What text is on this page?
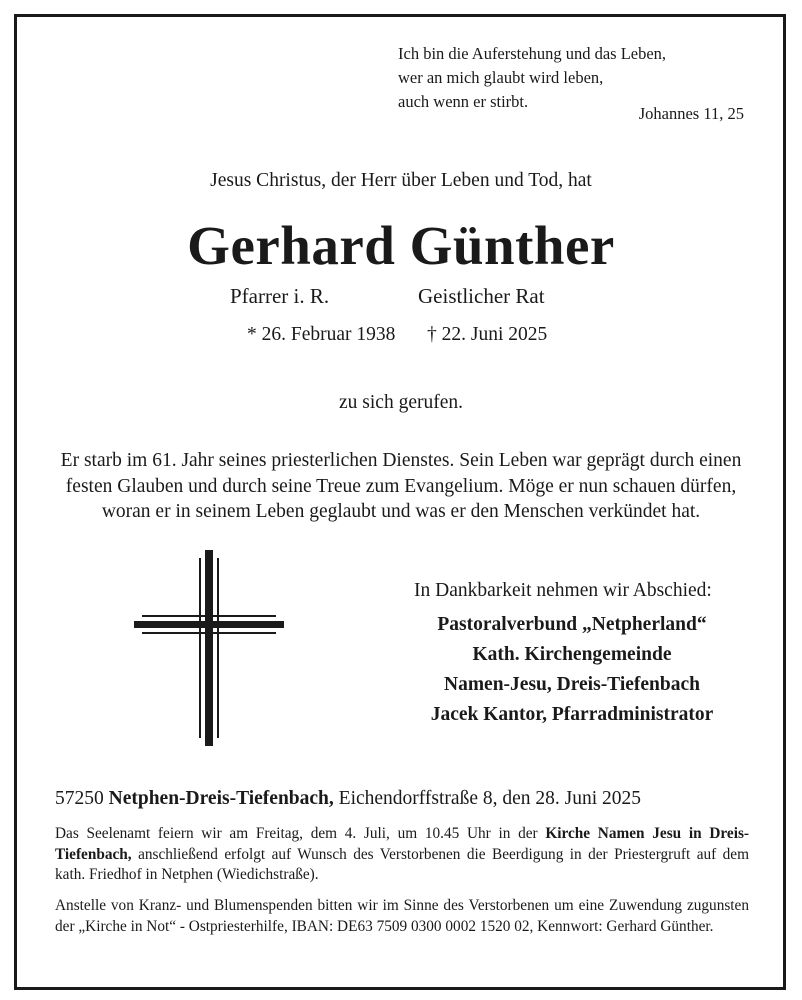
Ich bin die Auferstehung und das Leben,
wer an mich glaubt wird leben,
auch wenn er stirbt.
Johannes 11, 25
Jesus Christus, der Herr über Leben und Tod, hat
Gerhard Günther
Pfarrer i. R.	Geistlicher Rat
* 26. Februar 1938 † 22. Juni 2025
zu sich gerufen.
Er starb im 61. Jahr seines priesterlichen Dienstes. Sein Leben war geprägt durch einen festen Glauben und durch seine Treue zum Evangelium. Möge er nun schauen dürfen, woran er in seinem Leben geglaubt und was er den Menschen verkündet hat.
In Dankbarkeit nehmen wir Abschied:
Pastoralverbund „Netpherland“
Kath. Kirchengemeinde
Namen-Jesu, Dreis-Tiefenbach
Jacek Kantor, Pfarradministrator
57250 Netphen-Dreis-Tiefenbach, Eichendorffstraße 8, den 28. Juni 2025
Das Seelenamt feiern wir am Freitag, dem 4. Juli, um 10.45 Uhr in der Kirche Namen Jesu in Dreis-Tiefenbach, anschließend erfolgt auf Wunsch des Verstorbenen die Beerdigung in der Priestergruft auf dem kath. Friedhof in Netphen (Wiedichstraße).
Anstelle von Kranz- und Blumenspenden bitten wir im Sinne des Verstorbenen um eine Zuwendung zugunsten der „Kirche in Not“ - Ostpriesterhilfe, IBAN: DE63 7509 0300 0002 1520 02, Kennwort: Gerhard Günther.
